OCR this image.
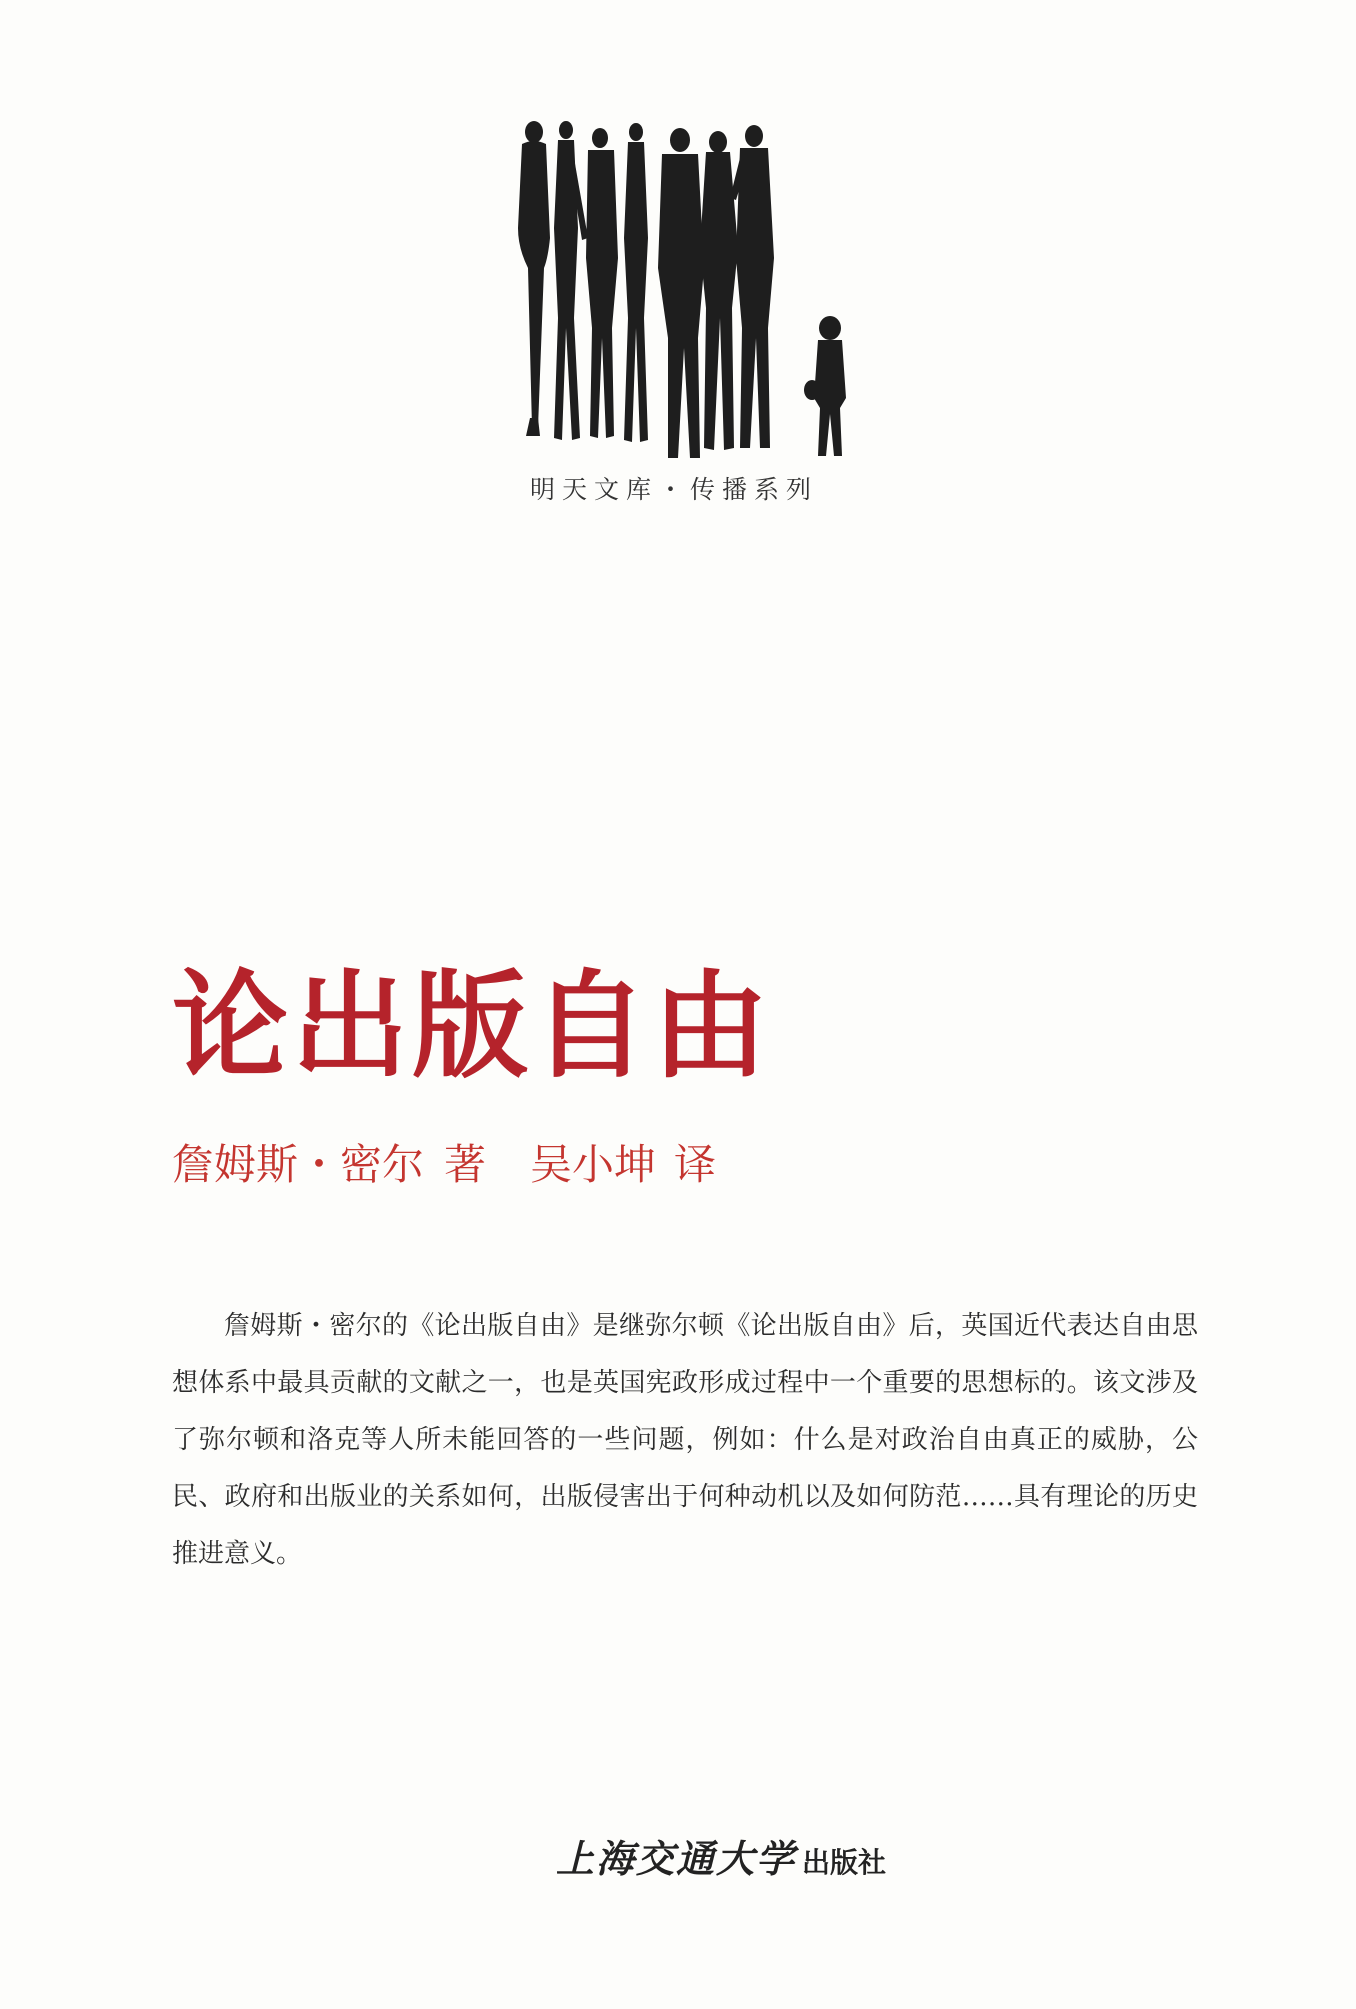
明天文库・传播系列
论出版自由
詹姆斯・密尔 著 吴小坤 译

詹姆斯・密尔的《论出版自由》是继弥尔顿《论出版自由》后，英国近代表达自由思想体系中最具贡献的文献之一，也是英国宪政形成过程中一个重要的思想标的。该文涉及了弥尔顿和洛克等人所未能回答的一些问题，例如：什么是对政治自由真正的威胁，公民、政府和出版业的关系如何，出版侵害出于何种动机以及如何防范……具有理论的历史推进意义。

上海交通大学 出版社
